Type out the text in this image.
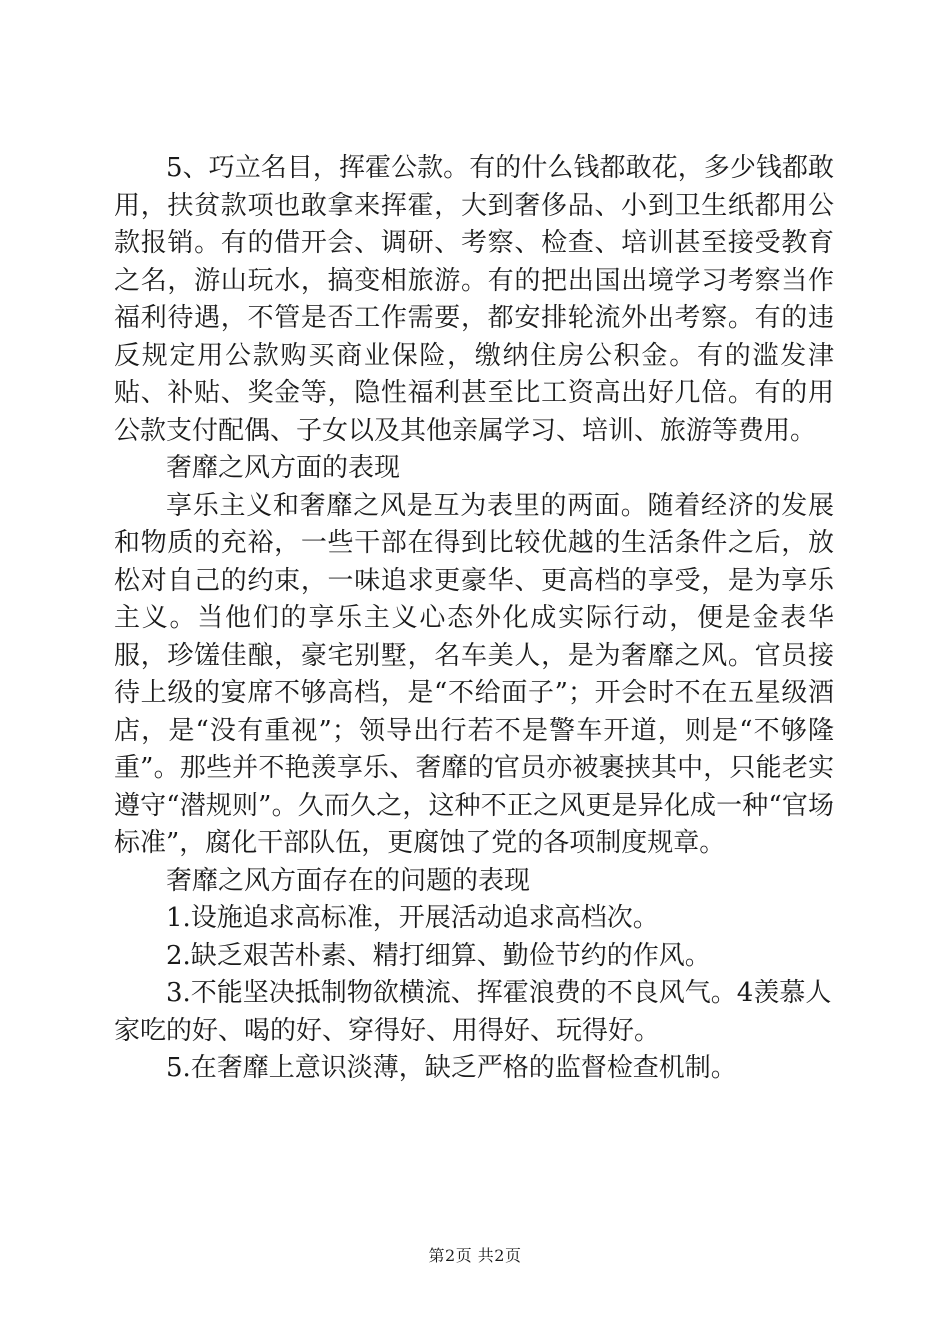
5、巧立名目，挥霍公款。有的什么钱都敢花，多少钱都敢用，扶贫款项也敢拿来挥霍，大到奢侈品、小到卫生纸都用公款报销。有的借开会、调研、考察、检查、培训甚至接受教育之名，游山玩水，搞变相旅游。有的把出国出境学习考察当作福利待遇，不管是否工作需要，都安排轮流外出考察。有的违反规定用公款购买商业保险，缴纳住房公积金。有的滥发津贴、补贴、奖金等，隐性福利甚至比工资高出好几倍。有的用公款支付配偶、子女以及其他亲属学习、培训、旅游等费用。

奢靡之风方面的表现

享乐主义和奢靡之风是互为表里的两面。随着经济的发展和物质的充裕，一些干部在得到比较优越的生活条件之后，放松对自己的约束，一味追求更豪华、更高档的享受，是为享乐主义。当他们的享乐主义心态外化成实际行动，便是金表华服，珍馐佳酿，豪宅别墅，名车美人，是为奢靡之风。官员接待上级的宴席不够高档，是“不给面子”；开会时不在五星级酒店，是“没有重视”；领导出行若不是警车开道，则是“不够隆重”。那些并不艳羡享乐、奢靡的官员亦被裹挟其中，只能老实遵守“潜规则”。久而久之，这种不正之风更是异化成一种“官场标准”，腐化干部队伍，更腐蚀了党的各项制度规章。

奢靡之风方面存在的问题的表现

1.设施追求高标准，开展活动追求高档次。

2.缺乏艰苦朴素、精打细算、勤俭节约的作风。

3.不能坚决抵制物欲横流、挥霍浪费的不良风气。4羡慕人家吃的好、喝的好、穿得好、用得好、玩得好。

5.在奢靡上意识淡薄，缺乏严格的监督检查机制。

第2页 共2页
